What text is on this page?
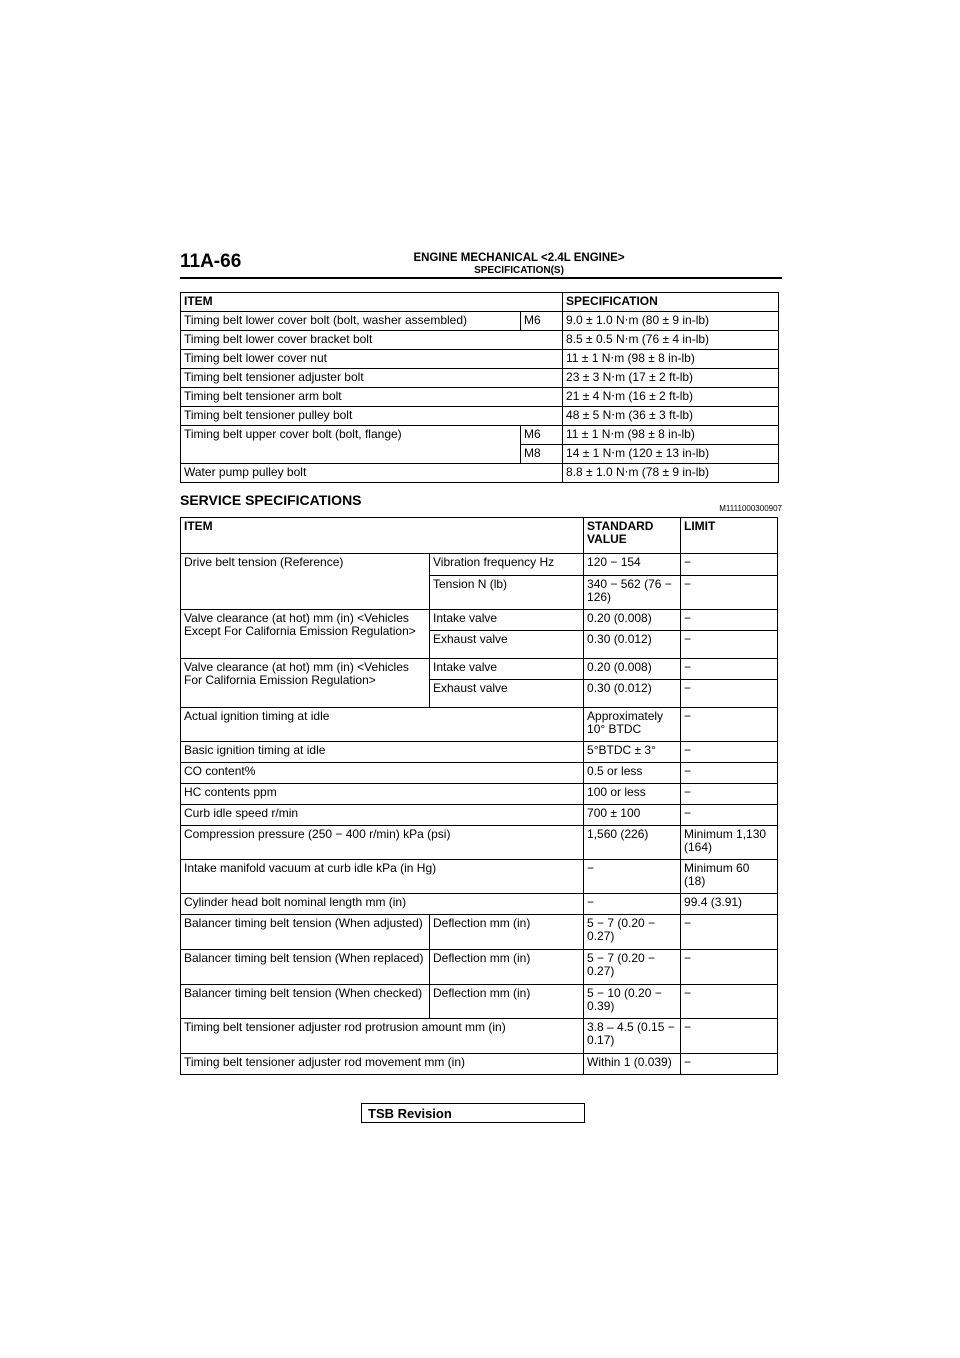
11A-66	ENGINE MECHANICAL <2.4L ENGINE>
SPECIFICATION(S)
ITEM		SPECIFICATION
Timing belt lower cover bolt (bolt, washer assembled)	M6	9.0 ± 1.0 N⋅m (80 ± 9 in-lb)
Timing belt lower cover bracket bolt		8.5 ± 0.5 N⋅m (76 ± 4 in-lb)
Timing belt lower cover nut		11 ± 1 N⋅m (98 ± 8 in-lb)
Timing belt tensioner adjuster bolt		23 ± 3 N⋅m (17 ± 2 ft-lb)
Timing belt tensioner arm bolt		21 ± 4 N⋅m (16 ± 2 ft-lb)
Timing belt tensioner pulley bolt		48 ± 5 N⋅m (36 ± 3 ft-lb)
Timing belt upper cover bolt (bolt, flange)	M6	11 ± 1 N⋅m (98 ± 8 in-lb)
	M8	14 ± 1 N⋅m (120 ± 13 in-lb)
Water pump pulley bolt		8.8 ± 1.0 N⋅m (78 ± 9 in-lb)
SERVICE SPECIFICATIONS
M1111000300907
ITEM		STANDARD VALUE	LIMIT
Drive belt tension (Reference)	Vibration frequency Hz	120 − 154	−
	Tension N (lb)	340 − 562 (76 − 126)	−
Valve clearance (at hot) mm (in) <Vehicles Except For California Emission Regulation>	Intake valve	0.20 (0.008)	−
	Exhaust valve	0.30 (0.012)	−
Valve clearance (at hot) mm (in) <Vehicles For California Emission Regulation>	Intake valve	0.20 (0.008)	−
	Exhaust valve	0.30 (0.012)	−
Actual ignition timing at idle		Approximately 10° BTDC	−
Basic ignition timing at idle		5°BTDC ± 3°	−
CO content%		0.5 or less	−
HC contents ppm		100 or less	−
Curb idle speed r/min		700 ± 100	−
Compression pressure (250 − 400 r/min) kPa (psi)		1,560 (226)	Minimum 1,130 (164)
Intake manifold vacuum at curb idle kPa (in Hg)		−	Minimum 60 (18)
Cylinder head bolt nominal length mm (in)		−	99.4 (3.91)
Balancer timing belt tension (When adjusted)	Deflection mm (in)	5 − 7 (0.20 − 0.27)	−
Balancer timing belt tension (When replaced)	Deflection mm (in)	5 − 7 (0.20 − 0.27)	−
Balancer timing belt tension (When checked)	Deflection mm (in)	5 − 10 (0.20 − 0.39)	−
Timing belt tensioner adjuster rod protrusion amount mm (in)		3.8 – 4.5 (0.15 − 0.17)	−
Timing belt tensioner adjuster rod movement mm (in)		Within 1 (0.039)	−
TSB Revision
